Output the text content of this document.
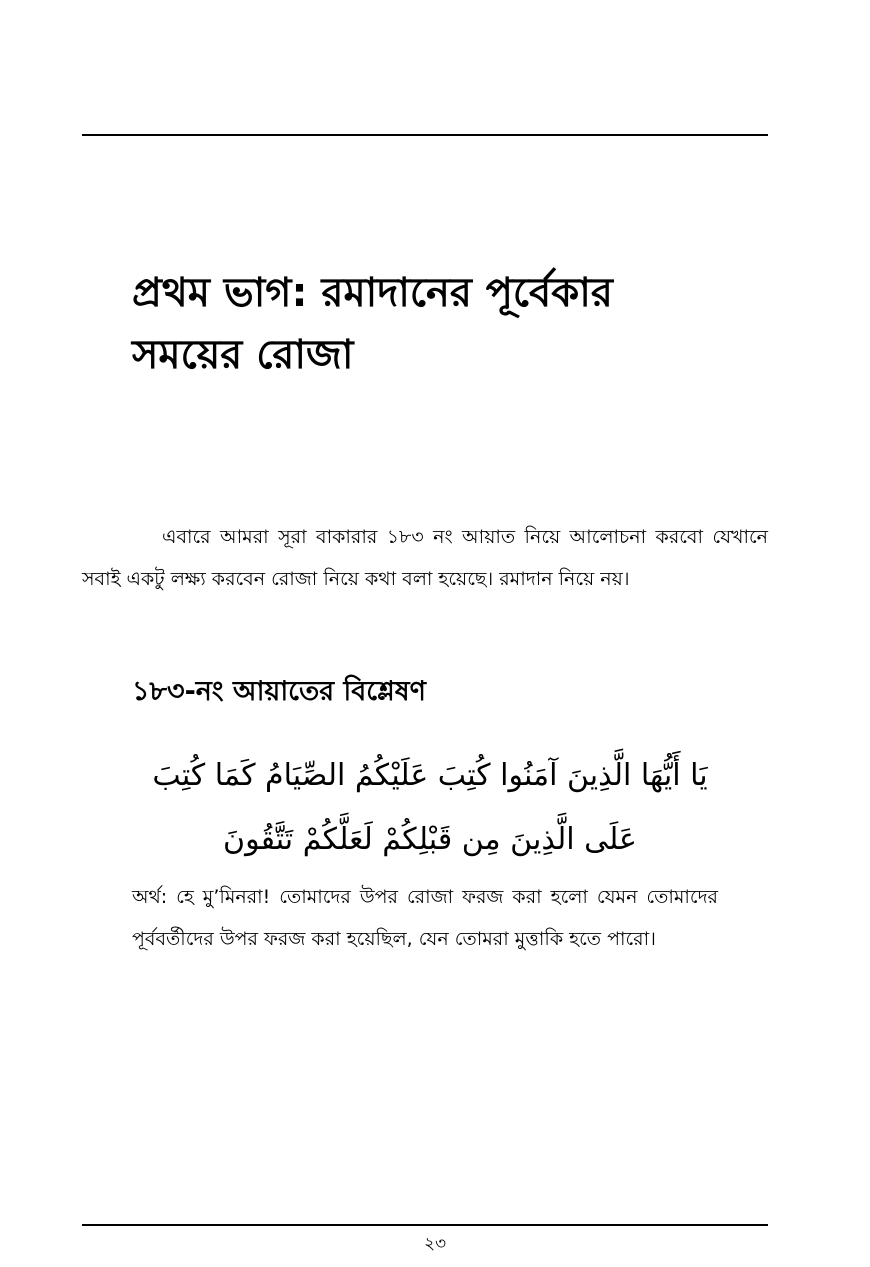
প্রথম ভাগ: রমাদানের পূর্বেকার
সময়ের রোজা

এবারে আমরা সূরা বাকারার ১৮৩ নং আয়াত নিয়ে আলোচনা করবো যেখানে সবাই একটু লক্ষ্য করবেন রোজা নিয়ে কথা বলা হয়েছে। রমাদান নিয়ে নয়।

১৮৩-নং আয়াতের বিশ্লেষণ
يَا أَيُّهَا الَّذِينَ آمَنُوا كُتِبَ عَلَيْكُمُ الصِّيَامُ كَمَا كُتِبَ
عَلَى الَّذِينَ مِن قَبْلِكُمْ لَعَلَّكُمْ تَتَّقُونَ

অর্থ: হে মু’মিনরা! তোমাদের উপর রোজা ফরজ করা হলো যেমন তোমাদের পূর্ববর্তীদের উপর ফরজ করা হয়েছিল, যেন তোমরা মুত্তাকি হতে পারো।

২৩
